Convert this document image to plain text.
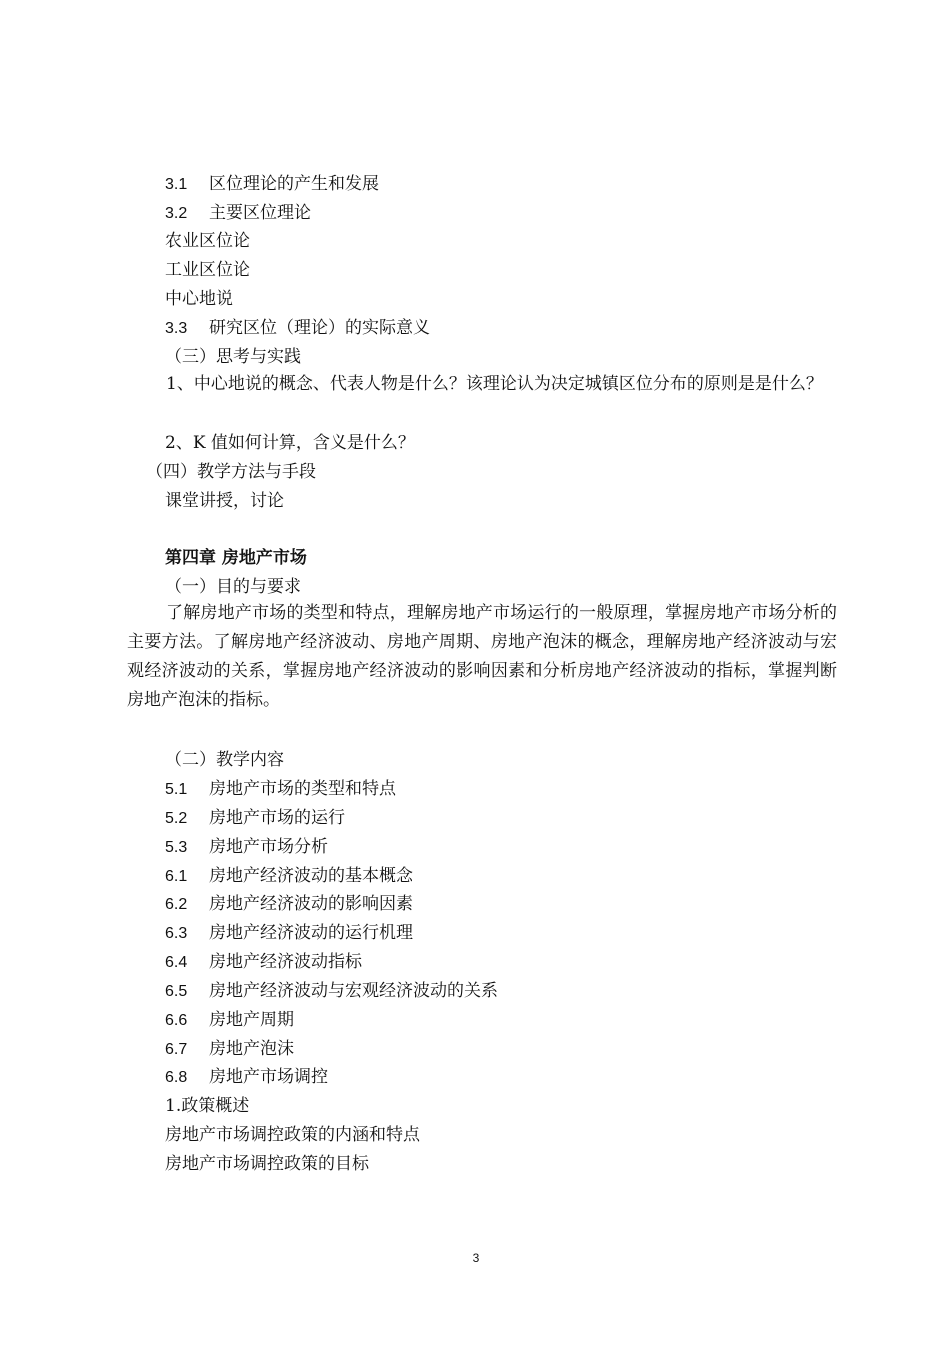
3.1 区位理论的产生和发展
3.2 主要区位理论
农业区位论
工业区位论
中心地说
3.3 研究区位（理论）的实际意义
（三）思考与实践

1、中心地说的概念、代表人物是什么？该理论认为决定城镇区位分布的原则是是什么？

2、K 值如何计算，含义是什么？
（四）教学方法与手段
课堂讲授，讨论
第四章 房地产市场
（一）目的与要求

了解房地产市场的类型和特点，理解房地产市场运行的一般原理，掌握房地产市场分析的主要方法。了解房地产经济波动、房地产周期、房地产泡沫的概念，理解房地产经济波动与宏观经济波动的关系，掌握房地产经济波动的影响因素和分析房地产经济波动的指标，掌握判断房地产泡沫的指标。

（二）教学内容
5.1 房地产市场的类型和特点
5.2 房地产市场的运行
5.3 房地产市场分析
6.1 房地产经济波动的基本概念
6.2 房地产经济波动的影响因素
6.3 房地产经济波动的运行机理
6.4 房地产经济波动指标
6.5 房地产经济波动与宏观经济波动的关系
6.6 房地产周期
6.7 房地产泡沫
6.8 房地产市场调控
1.政策概述
房地产市场调控政策的内涵和特点
房地产市场调控政策的目标
3
